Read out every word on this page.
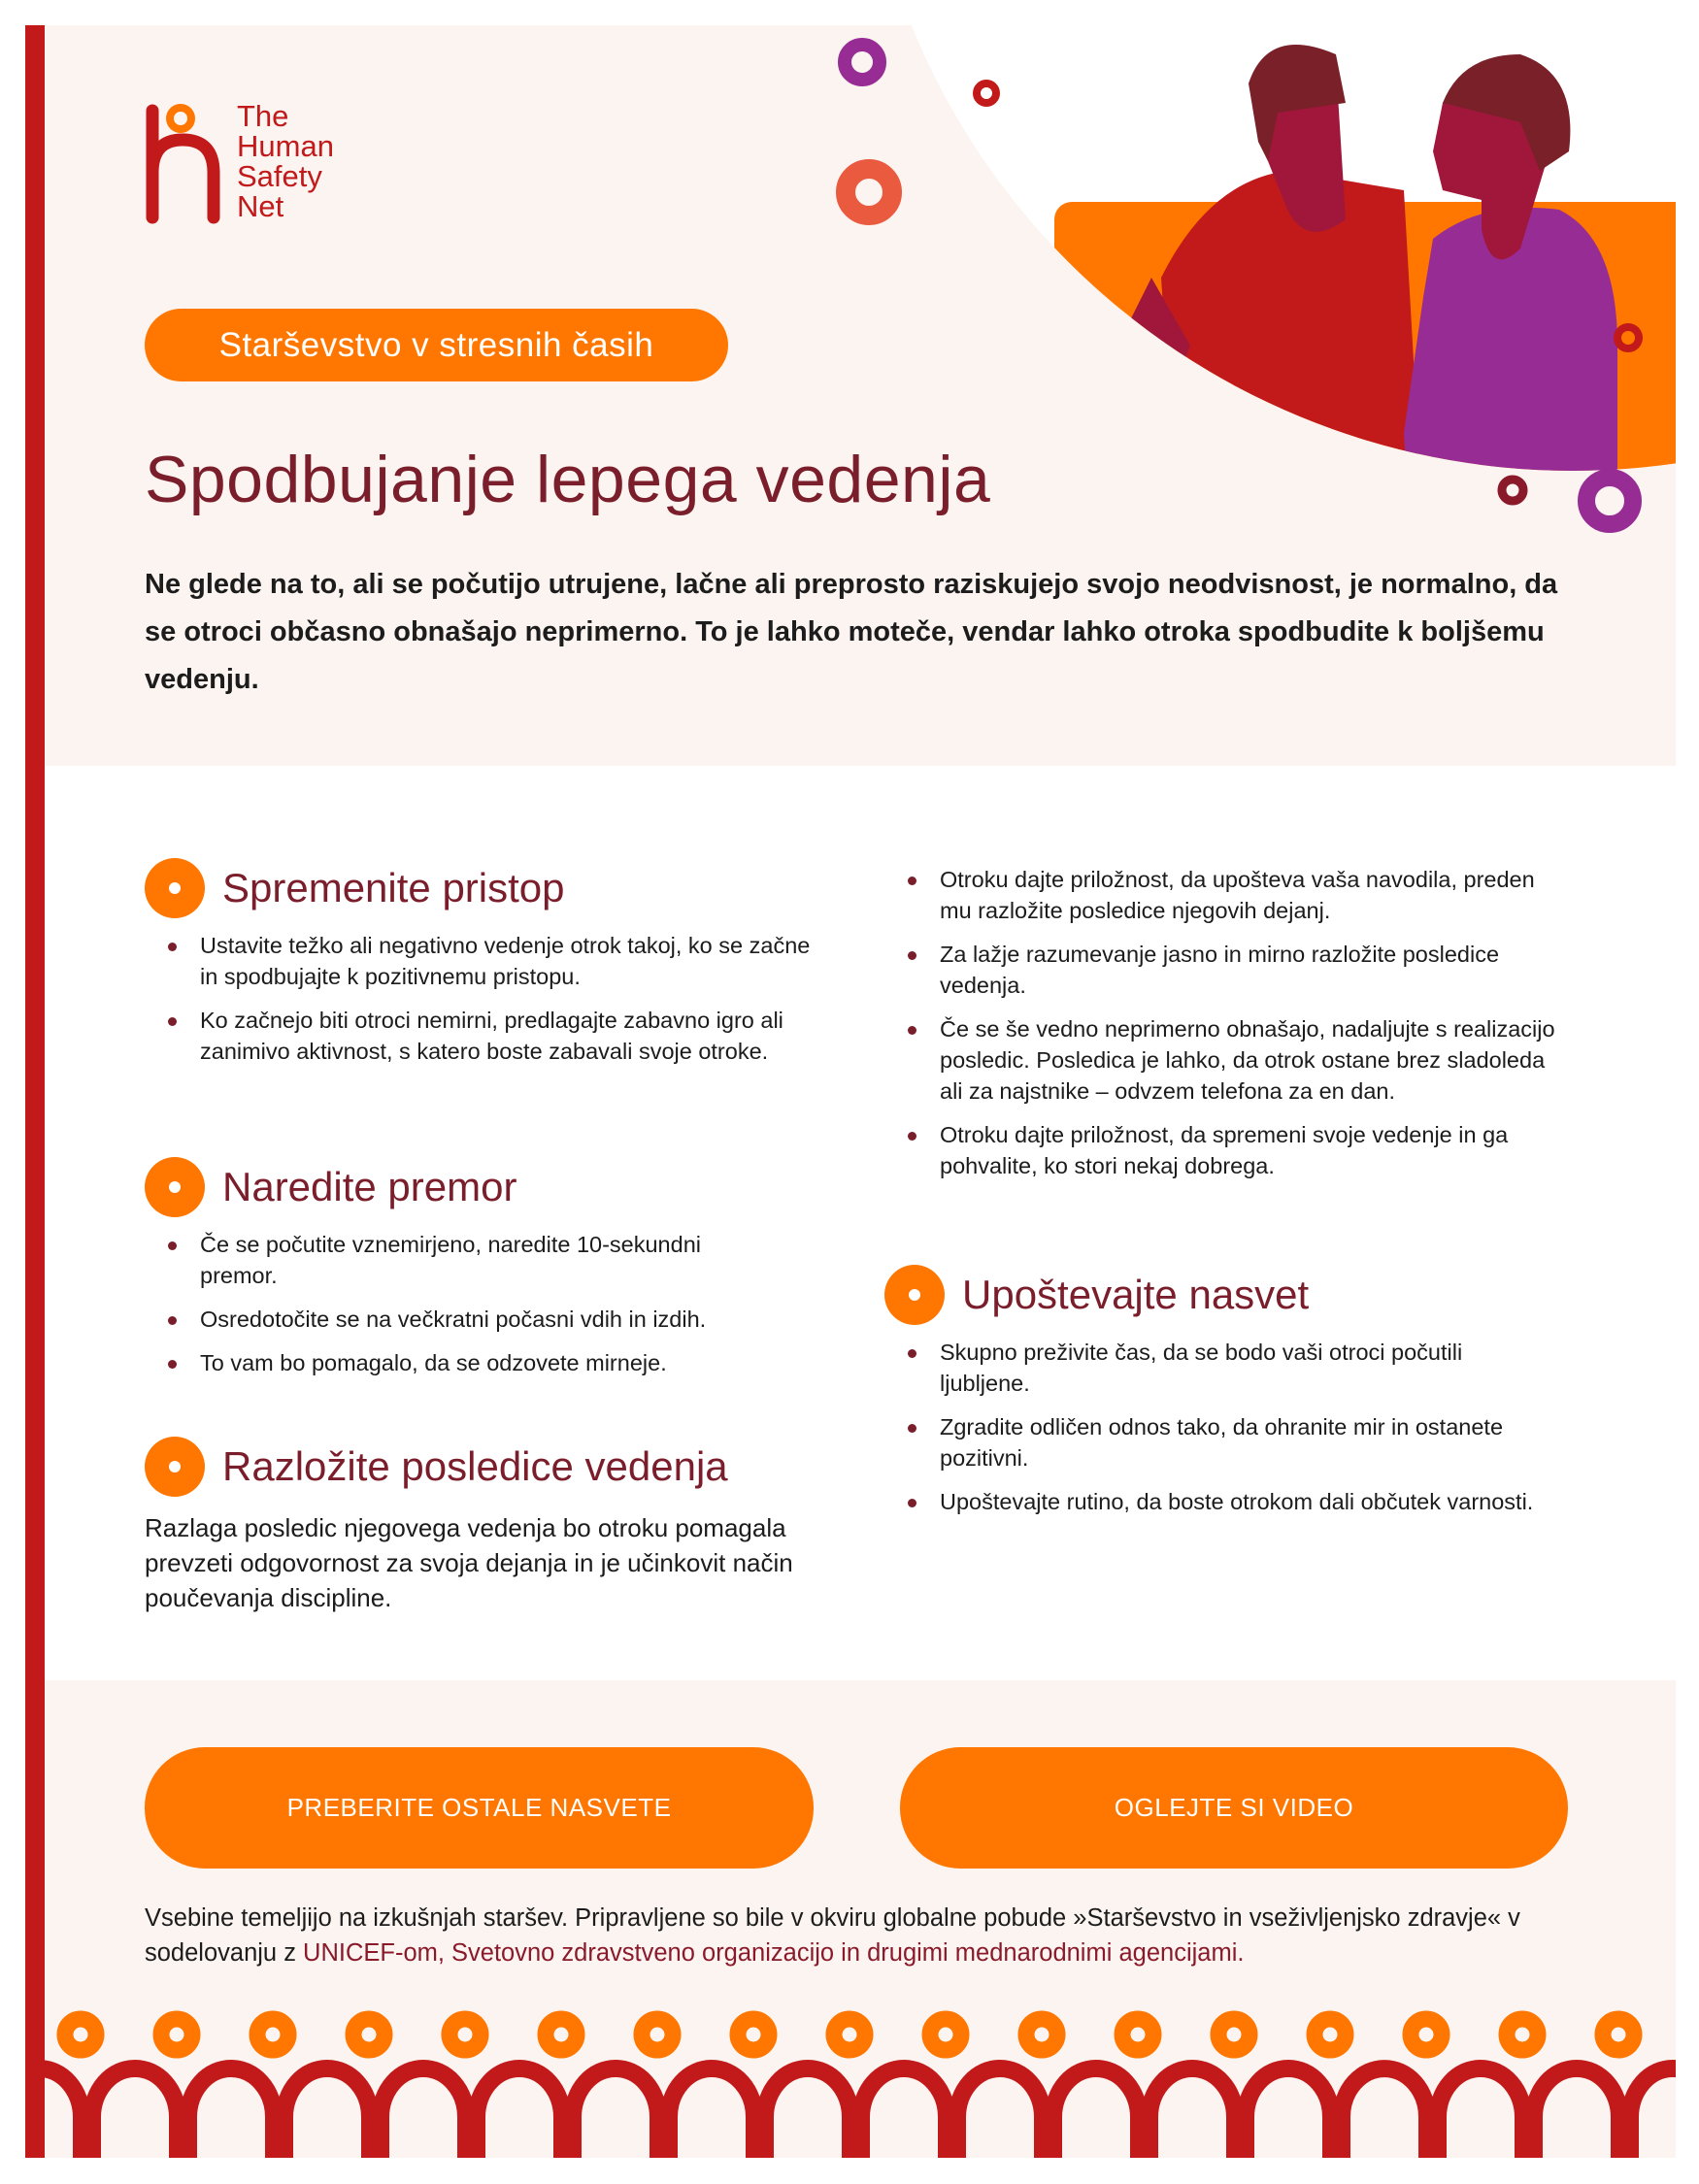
The
Human
Safety
Net
Starševstvo v stresnih časih
Spodbujanje lepega vedenja

Ne glede na to, ali se počutijo utrujene, lačne ali preprosto raziskujejo svojo neodvisnost, je normalno, da se otroci občasno obnašajo neprimerno. To je lahko moteče, vendar lahko otroka spodbudite k boljšemu vedenju.

Spremenite pristop
Ustavite težko ali negativno vedenje otrok takoj, ko se začne in spodbujajte k pozitivnemu pristopu.
Ko začnejo biti otroci nemirni, predlagajte zabavno igro ali zanimivo aktivnost, s katero boste zabavali svoje otroke.
Naredite premor
Če se počutite vznemirjeno, naredite 10-sekundni premor.
Osredotočite se na večkratni počasni vdih in izdih.
To vam bo pomagalo, da se odzovete mirneje.
Razložite posledice vedenja

Razlaga posledic njegovega vedenja bo otroku pomagala prevzeti odgovornost za svoja dejanja in je učinkovit način poučevanja discipline.

Otroku dajte priložnost, da upošteva vaša navodila, preden mu razložite posledice njegovih dejanj.
Za lažje razumevanje jasno in mirno razložite posledice vedenja.
Če se še vedno neprimerno obnašajo, nadaljujte s realizacijo posledic. Posledica je lahko, da otrok ostane brez sladoleda ali za najstnike – odvzem telefona za en dan.
Otroku dajte priložnost, da spremeni svoje vedenje in ga pohvalite, ko stori nekaj dobrega.
Upoštevajte nasvet
Skupno preživite čas, da se bodo vaši otroci počutili ljubljene.
Zgradite odličen odnos tako, da ohranite mir in ostanete pozitivni.
Upoštevajte rutino, da boste otrokom dali občutek varnosti.
PREBERITE OSTALE NASVETE	OGLEJTE SI VIDEO

Vsebine temeljijo na izkušnjah staršev. Pripravljene so bile v okviru globalne pobude »Starševstvo in vseživljenjsko zdravje« v sodelovanju z UNICEF-om, Svetovno zdravstveno organizacijo in drugimi mednarodnimi agencijami.
